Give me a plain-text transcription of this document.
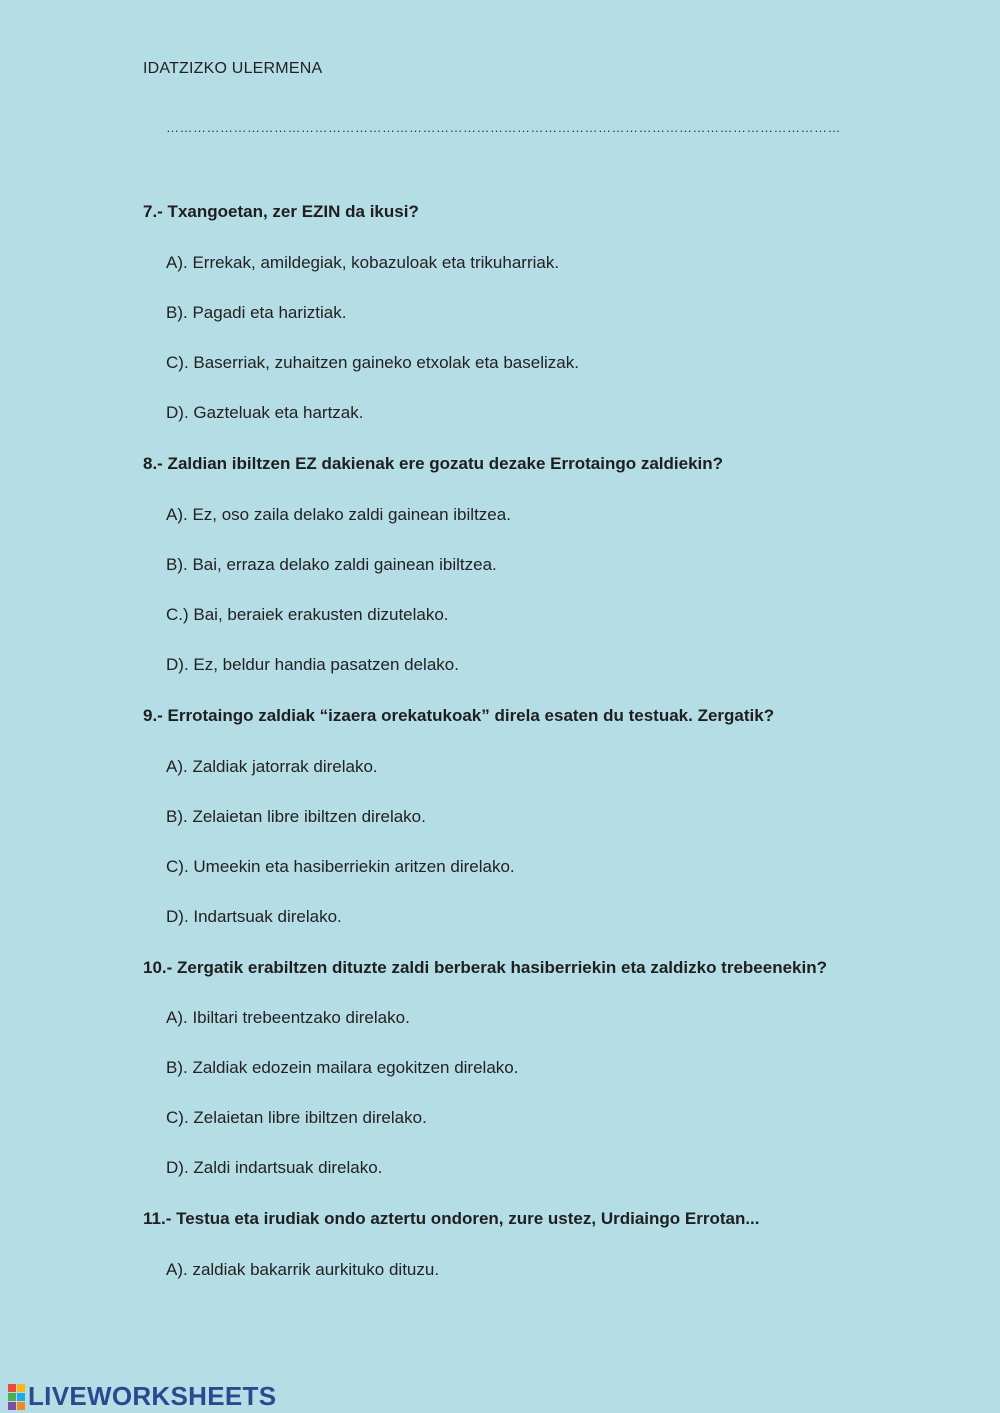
IDATZIZKO ULERMENA
……………………………………………………………………………………………………………………………………
7.- Txangoetan, zer EZIN da ikusi?
A). Errekak, amildegiak, kobazuloak eta trikuharriak.
B). Pagadi eta hariztiak.
C). Baserriak, zuhaitzen gaineko etxolak eta baselizak.
D). Gazteluak eta hartzak.
8.- Zaldian ibiltzen EZ dakienak ere gozatu dezake Errotaingo zaldiekin?
A). Ez, oso zaila delako zaldi gainean ibiltzea.
B). Bai, erraza delako zaldi gainean ibiltzea.
C.) Bai, beraiek erakusten dizutelako.
D). Ez, beldur handia pasatzen delako.
9.- Errotaingo zaldiak “izaera orekatukoak” direla esaten du testuak. Zergatik?
A). Zaldiak jatorrak direlako.
B). Zelaietan libre ibiltzen direlako.
C). Umeekin eta hasiberriekin aritzen direlako.
D). Indartsuak direlako.
10.- Zergatik erabiltzen dituzte zaldi berberak hasiberriekin eta zaldizko trebeenekin?
A). Ibiltari trebeentzako direlako.
B). Zaldiak edozein mailara egokitzen direlako.
C). Zelaietan libre ibiltzen direlako.
D). Zaldi indartsuak direlako.
11.- Testua eta irudiak ondo aztertu ondoren, zure ustez, Urdiaingo Errotan...
A). zaldiak bakarrik aurkituko dituzu.
LIVEWORKSHEETS
